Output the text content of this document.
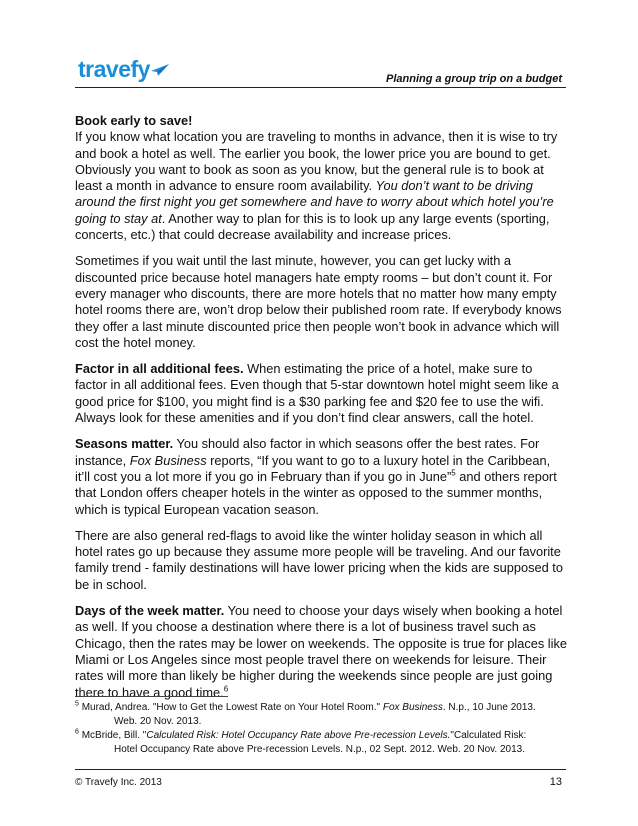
travefy	Planning a group trip on a budget

Book early to save!
If you know what location you are traveling to months in advance, then it is wise to try and book a hotel as well. The earlier you book, the lower price you are bound to get. Obviously you want to book as soon as you know, but the general rule is to book at least a month in advance to ensure room availability. You don’t want to be driving around the first night you get somewhere and have to worry about which hotel you’re going to stay at. Another way to plan for this is to look up any large events (sporting, concerts, etc.) that could decrease availability and increase prices.

Sometimes if you wait until the last minute, however, you can get lucky with a discounted price because hotel managers hate empty rooms – but don’t count it. For every manager who discounts, there are more hotels that no matter how many empty hotel rooms there are, won’t drop below their published room rate. If everybody knows they offer a last minute discounted price then people won’t book in advance which will cost the hotel money.

Factor in all additional fees. When estimating the price of a hotel, make sure to factor in all additional fees. Even though that 5-star downtown hotel might seem like a good price for $100, you might find is a $30 parking fee and $20 fee to use the wifi. Always look for these amenities and if you don’t find clear answers, call the hotel.

Seasons matter. You should also factor in which seasons offer the best rates. For instance, Fox Business reports, “If you want to go to a luxury hotel in the Caribbean, it’ll cost you a lot more if you go in February than if you go in June”$^5$ and others report that London offers cheaper hotels in the winter as opposed to the summer months, which is typical European vacation season.

There are also general red-flags to avoid like the winter holiday season in which all hotel rates go up because they assume more people will be traveling. And our favorite family trend - family destinations will have lower pricing when the kids are supposed to be in school.

Days of the week matter. You need to choose your days wisely when booking a hotel as well. If you choose a destination where there is a lot of business travel such as Chicago, then the rates may be lower on weekends. The opposite is true for places like Miami or Los Angeles since most people travel there on weekends for leisure. Their rates will more than likely be higher during the weekends since people are just going there to have a good time.$^6$

$^5$ Murad, Andrea. "How to Get the Lowest Rate on Your Hotel Room." Fox Business. N.p., 10 June 2013.
Web. 20 Nov. 2013.
$^6$ McBride, Bill. "Calculated Risk: Hotel Occupancy Rate above Pre-recession Levels."Calculated Risk:
Hotel Occupancy Rate above Pre-recession Levels. N.p., 02 Sept. 2012. Web. 20 Nov. 2013.
© Travefy Inc. 2013	13
